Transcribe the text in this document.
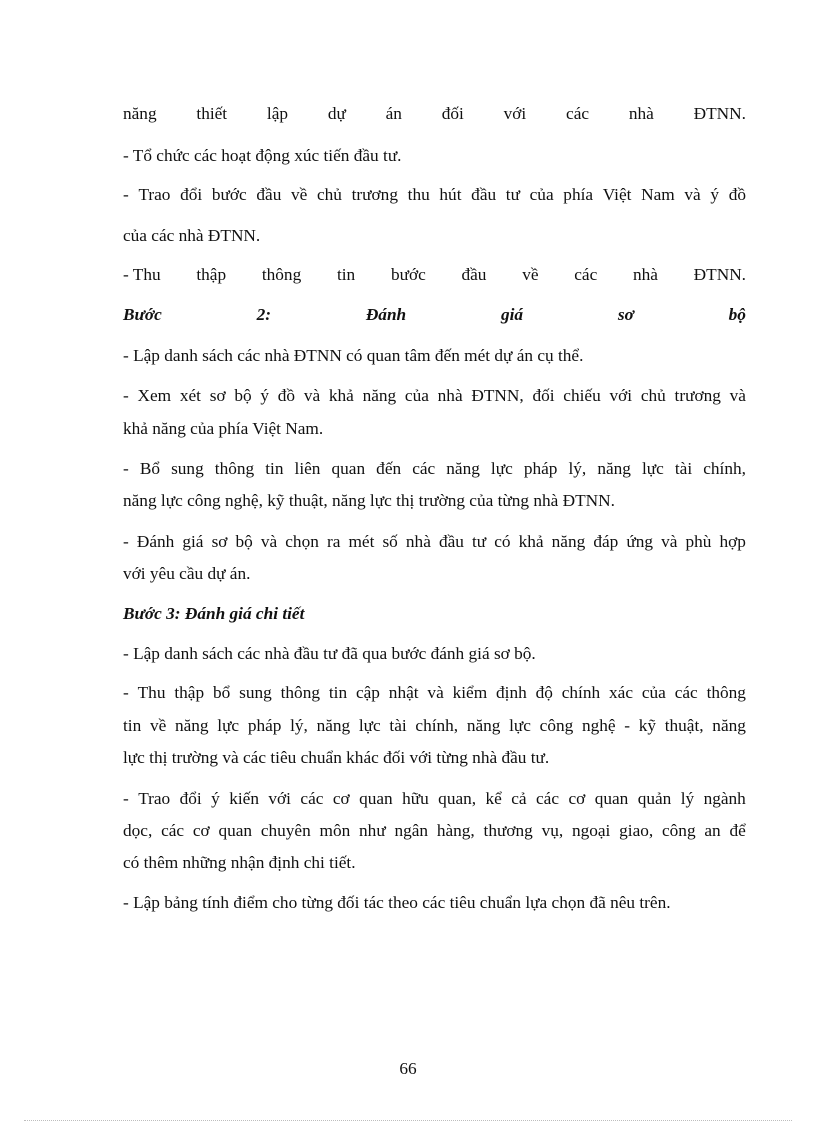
năng thiết lập dự án đối với các nhà ĐTNN.
- Tổ chức các hoạt động xúc tiến đầu tư.
- Trao đổi bước đầu về chủ trương thu hút đầu tư của phía Việt Nam và ý đồ
của các nhà ĐTNN.
- Thu thập thông tin bước đầu về các nhà ĐTNN.
Bước	2:	Đánh	giá	sơ	bộ
- Lập danh sách các nhà ĐTNN có quan tâm đến mét dự án cụ thể.
- Xem xét sơ bộ ý đồ và khả năng của nhà ĐTNN, đối chiếu với chủ trương và
khả năng của phía Việt Nam.
- Bổ sung thông tin liên quan đến các năng lực pháp lý, năng lực tài chính,
năng lực công nghệ, kỹ thuật, năng lực thị trường của từng nhà ĐTNN.
- Đánh giá sơ bộ và chọn ra mét số nhà đầu tư có khả năng đáp ứng và phù hợp
với yêu cầu dự án.
Bước 3: Đánh giá chi tiết
- Lập danh sách các nhà đầu tư đã qua bước đánh giá sơ bộ.
- Thu thập bổ sung thông tin cập nhật và kiểm định độ chính xác của các thông
tin về năng lực pháp lý, năng lực tài chính, năng lực công nghệ - kỹ thuật, năng
lực thị trường và các tiêu chuẩn khác đối với từng nhà đầu tư.
- Trao đổi ý kiến với các cơ quan hữu quan, kể cả các cơ quan quản lý ngành
dọc, các cơ quan chuyên môn như ngân hàng, thương vụ, ngoại giao, công an để
có thêm những nhận định chi tiết.
- Lập bảng tính điểm cho từng đối tác theo các tiêu chuẩn lựa chọn đã nêu trên.
66
